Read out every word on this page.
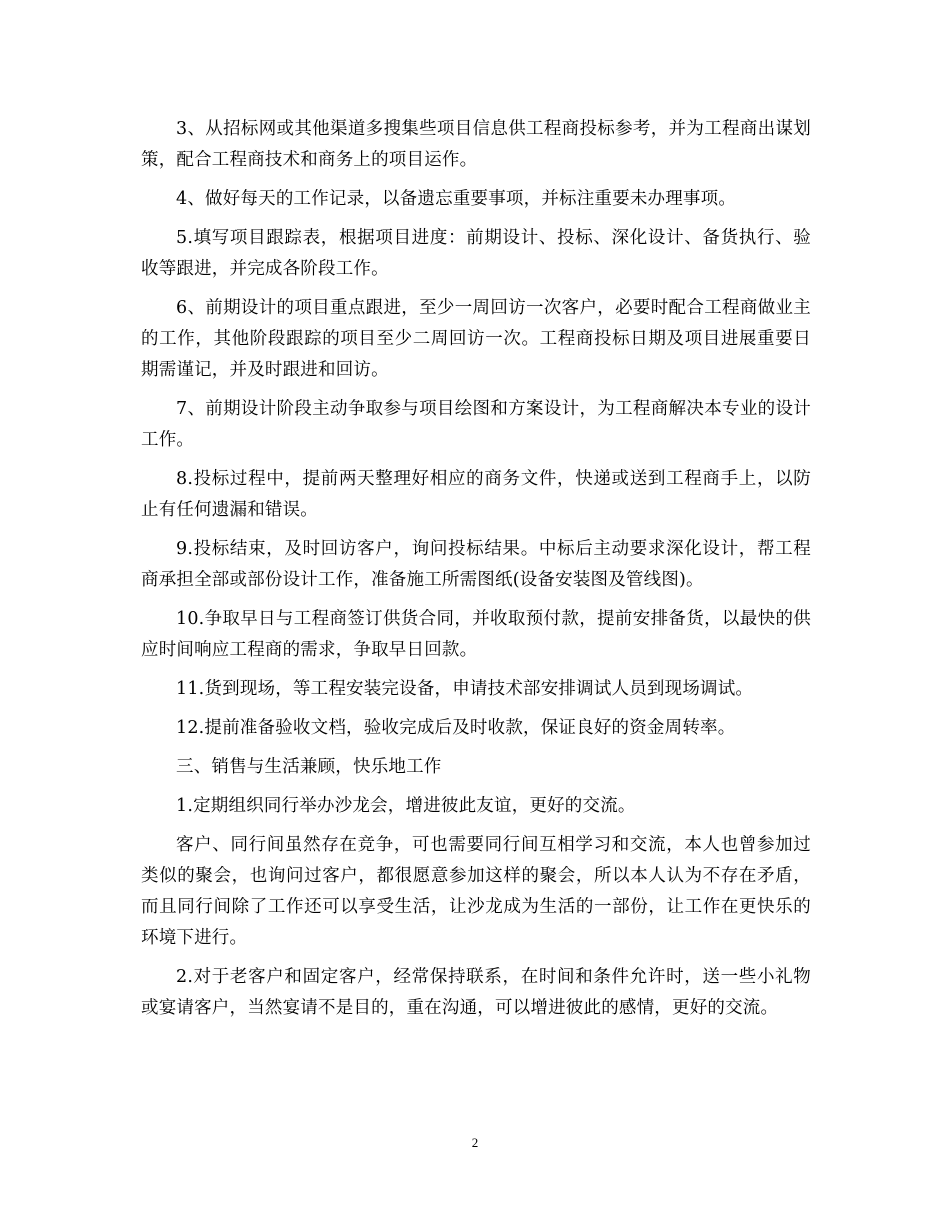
3、从招标网或其他渠道多搜集些项目信息供工程商投标参考，并为工程商出谋划策，配合工程商技术和商务上的项目运作。

4、做好每天的工作记录，以备遗忘重要事项，并标注重要未办理事项。

5.填写项目跟踪表，根据项目进度：前期设计、投标、深化设计、备货执行、验收等跟进，并完成各阶段工作。

6、前期设计的项目重点跟进，至少一周回访一次客户，必要时配合工程商做业主的工作，其他阶段跟踪的项目至少二周回访一次。工程商投标日期及项目进展重要日期需谨记，并及时跟进和回访。

7、前期设计阶段主动争取参与项目绘图和方案设计，为工程商解决本专业的设计工作。

8.投标过程中，提前两天整理好相应的商务文件，快递或送到工程商手上，以防止有任何遗漏和错误。

9.投标结束，及时回访客户，询问投标结果。中标后主动要求深化设计，帮工程商承担全部或部份设计工作，准备施工所需图纸(设备安装图及管线图)。

10.争取早日与工程商签订供货合同，并收取预付款，提前安排备货，以最快的供应时间响应工程商的需求，争取早日回款。

11.货到现场，等工程安装完设备，申请技术部安排调试人员到现场调试。

12.提前准备验收文档，验收完成后及时收款，保证良好的资金周转率。

三、销售与生活兼顾，快乐地工作

1.定期组织同行举办沙龙会，增进彼此友谊，更好的交流。

客户、同行间虽然存在竞争，可也需要同行间互相学习和交流，本人也曾参加过类似的聚会，也询问过客户，都很愿意参加这样的聚会，所以本人认为不存在矛盾，而且同行间除了工作还可以享受生活，让沙龙成为生活的一部份，让工作在更快乐的环境下进行。

2.对于老客户和固定客户，经常保持联系，在时间和条件允许时，送一些小礼物或宴请客户，当然宴请不是目的，重在沟通，可以增进彼此的感情，更好的交流。

2
